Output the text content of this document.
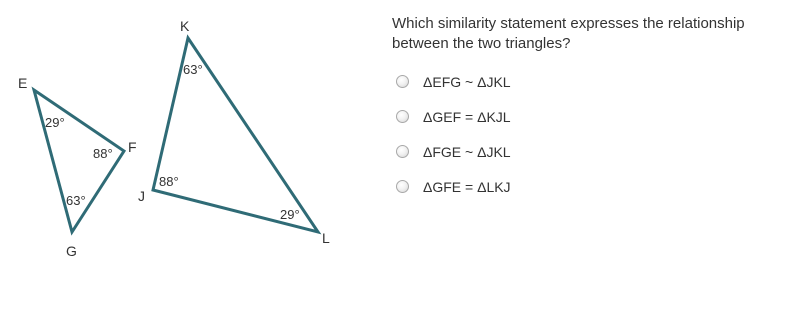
E
F
G
29°
88°
63°
K
J
L
63°
88°
29°

Which similarity statement expresses the relationship between the two triangles?

ΔEFG ~ ΔJKL
ΔGEF = ΔKJL
ΔFGE ~ ΔJKL
ΔGFE = ΔLKJ
